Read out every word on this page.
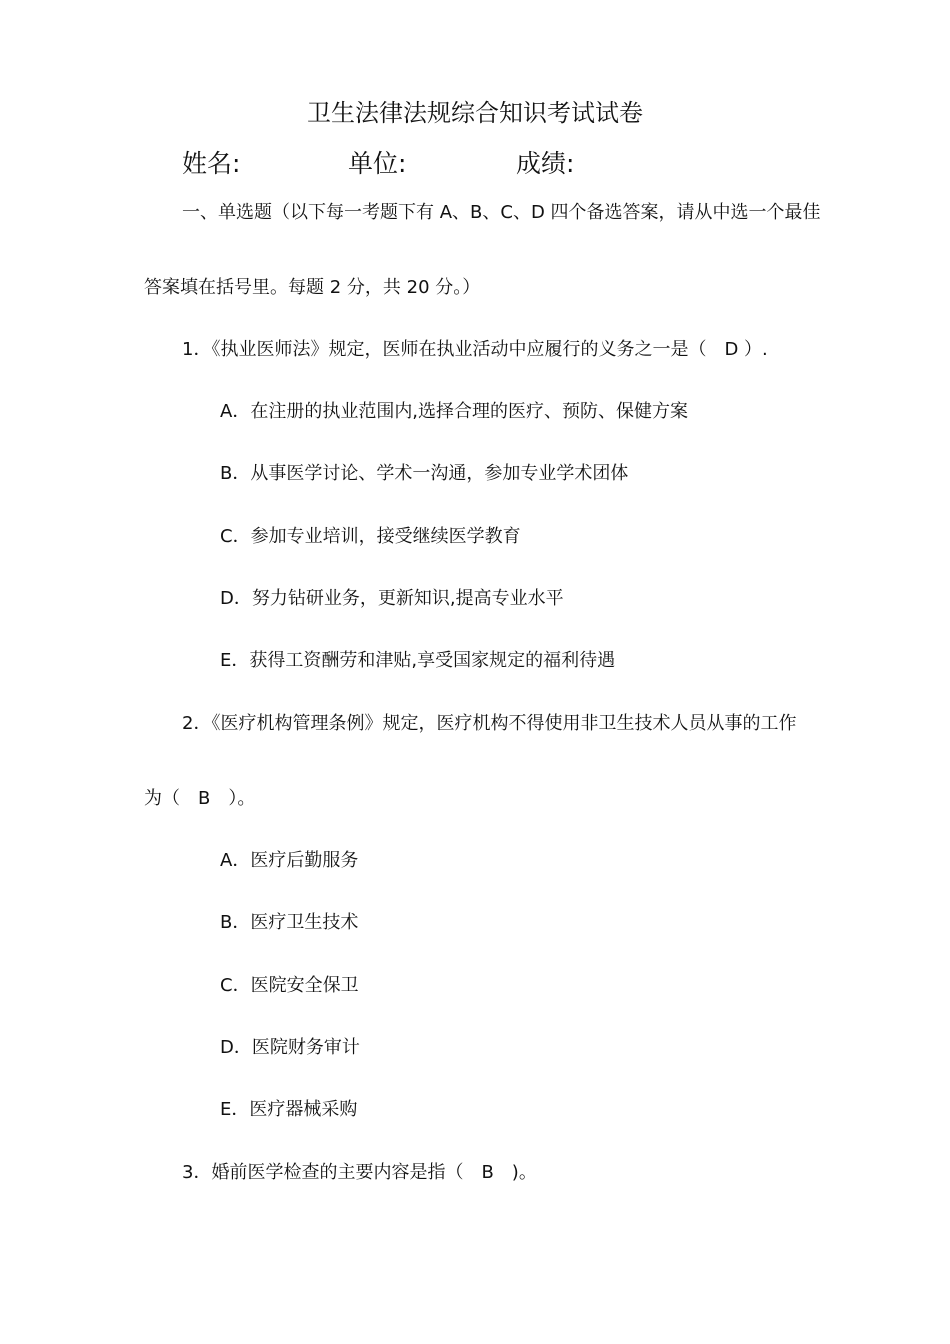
卫生法律法规综合知识考试试卷
姓名:	单位:	成绩:
一、单选题（以下每一考题下有 A、B、C、D 四个备选答案，请从中选一个最佳
答案填在括号里。每题 2 分，共 20 分。）
1．《执业医师法》规定，医师在执业活动中应履行的义务之一是（　D ）.
A．在注册的执业范围内,选择合理的医疗、预防、保健方案
B．从事医学讨论、学术一沟通，参加专业学术团体
C．参加专业培训，接受继续医学教育
D．努力钻研业务，更新知识,提高专业水平
E．获得工资酬劳和津贴,享受国家规定的福利待遇
2．《医疗机构管理条例》规定，医疗机构不得使用非卫生技术人员从事的工作
为（　B　）。
A．医疗后勤服务
B．医疗卫生技术
C．医院安全保卫
D．医院财务审计
E．医疗器械采购
3．婚前医学检查的主要内容是指（　B　)。
